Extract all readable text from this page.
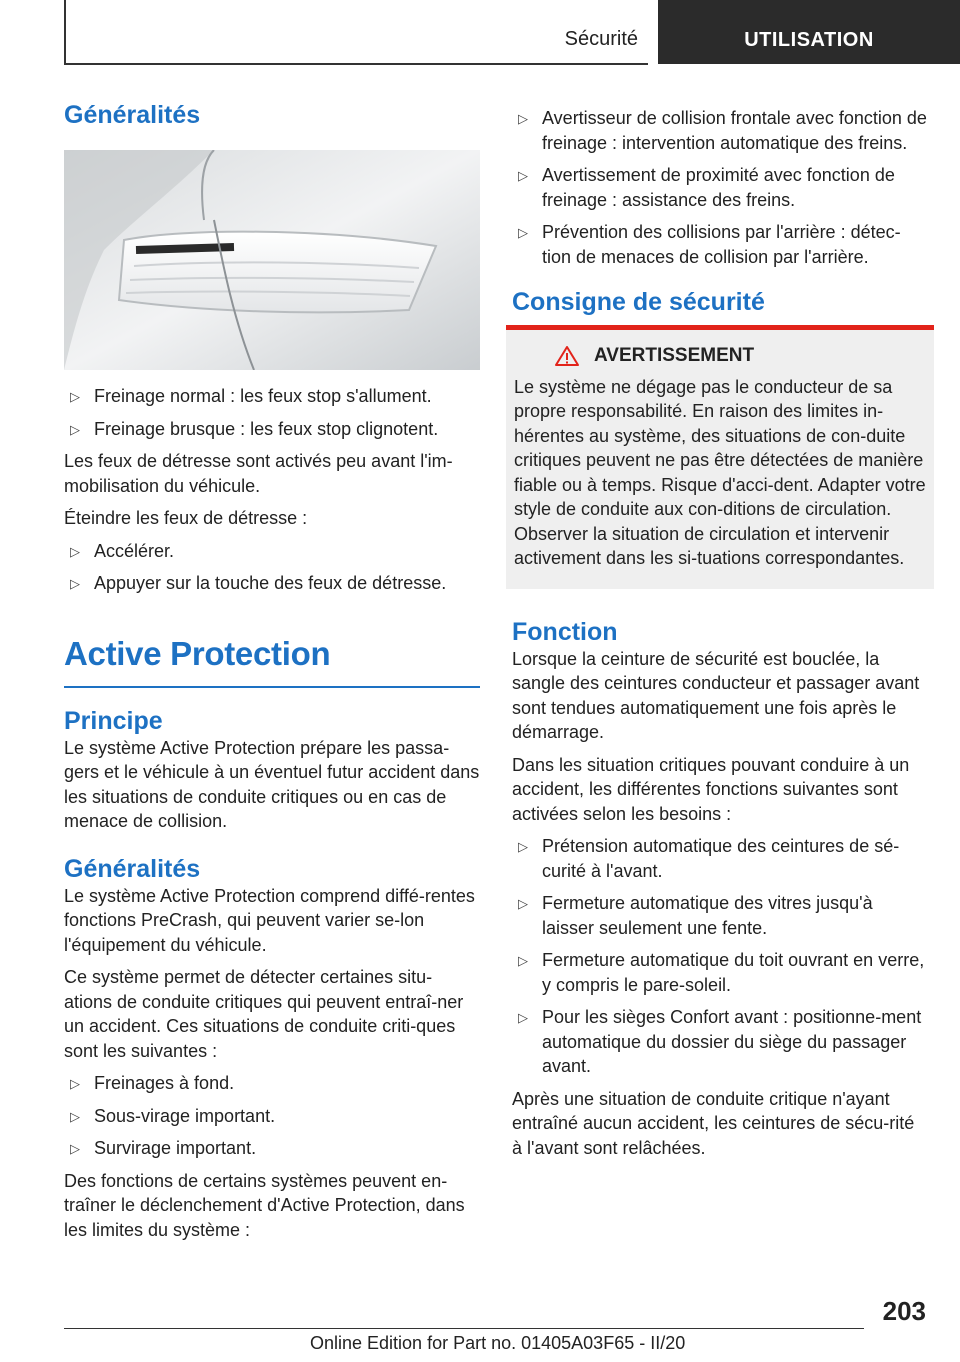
Sécurité	UTILISATION
Généralités
▷ Freinage normal : les feux stop s'allument.
▷ Freinage brusque : les feux stop clignotent.

Les feux de détresse sont activés peu avant l'im-mobilisation du véhicule.

Éteindre les feux de détresse :

▷ Accélérer.
▷ Appuyer sur la touche des feux de détresse.
Active Protection
Principe

Le système Active Protection prépare les passa-gers et le véhicule à un éventuel futur accident dans les situations de conduite critiques ou en cas de menace de collision.

Généralités

Le système Active Protection comprend diffé-rentes fonctions PreCrash, qui peuvent varier se-lon l'équipement du véhicule.

Ce système permet de détecter certaines situ-ations de conduite critiques qui peuvent entraî-ner un accident. Ces situations de conduite criti-ques sont les suivantes :

▷ Freinages à fond.
▷ Sous-virage important.
▷ Survirage important.

Des fonctions de certains systèmes peuvent en-traîner le déclenchement d'Active Protection, dans les limites du système :

▷ Avertisseur de collision frontale avec fonction de freinage : intervention automatique des freins.
▷ Avertissement de proximité avec fonction de freinage : assistance des freins.
▷ Prévention des collisions par l'arrière : détec-tion de menaces de collision par l'arrière.
Consigne de sécurité
AVERTISSEMENT
Le système ne dégage pas le conducteur de sa propre responsabilité. En raison des limites in-hérentes au système, des situations de con-duite critiques peuvent ne pas être détectées de manière fiable ou à temps. Risque d'acci-dent. Adapter votre style de conduite aux con-ditions de circulation. Observer la situation de circulation et intervenir activement dans les si-tuations correspondantes.
Fonction

Lorsque la ceinture de sécurité est bouclée, la sangle des ceintures conducteur et passager avant sont tendues automatiquement une fois après le démarrage.

Dans les situation critiques pouvant conduire à un accident, les différentes fonctions suivantes sont activées selon les besoins :

▷ Prétension automatique des ceintures de sé-curité à l'avant.
▷ Fermeture automatique des vitres jusqu'à laisser seulement une fente.
▷ Fermeture automatique du toit ouvrant en verre, y compris le pare-soleil.
▷ Pour les sièges Confort avant : positionne-ment automatique du dossier du siège du passager avant.

Après une situation de conduite critique n'ayant entraîné aucun accident, les ceintures de sécu-rité à l'avant sont relâchées.

203
Online Edition for Part no. 01405A03F65 - II/20
